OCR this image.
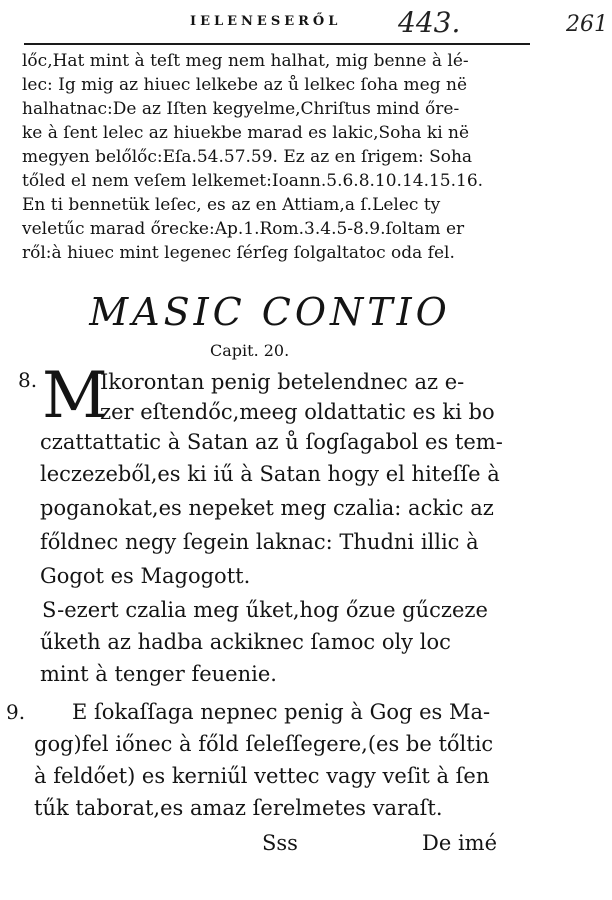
IELENESERŐL 443.	261
lőc,Hat mint à teſt meg nem halhat, mig benne à lé-
lec: Ig mig az hiuec lelkebe az ů lelkec ſoha meg në
halhatnac:De az Iſten kegyelme,Chriſtus mind őre-
ke à ſent lelec az hiuekbe marad es lakic,Soha ki në
megyen belőlőc:Eſa.54.57.59. Ez az en ſrigem: Soha
tőled el nem veſem lelkemet:Ioann.5.6.8.10.14.15.16.
En ti bennetük leſec, es az en Attiam,a ſ.Lelec ty
veletűc marad őrecke:Ap.1.Rom.3.4.5-8.9.ſoltam er
ről:à hiuec mint legenec ſérſeg ſolgaltatoc oda fel.
MASIC CONTIO
Capit. 20.
8. M
Ikorontan penig betelendnec az e-
zer eſtendőc,meeg oldattatic es ki bo
czattattatic à Satan az ů ſogſagabol es tem-
leczezeből,es ki iű à Satan hogy el hiteſſe à
poganokat,es nepeket meg czalia: ackic az
főldnec negy ſegein laknac: Thudni illic à
Gogot es Magogott.
S-ezert czalia meg űket,hog őzue gűczeze
űketh az hadba ackiknec ſamoc oly loc
mint à tenger feuenie.
9. E ſokaſſaga nepnec penig à Gog es Ma-
gog)fel iőnec à főld ſeleſſegere,(es be tőltic
à feldőet) es kerniűl vettec vagy veſit à ſen
tűk taborat,es amaz ſerelmetes varaſt.
Sss	De imé
